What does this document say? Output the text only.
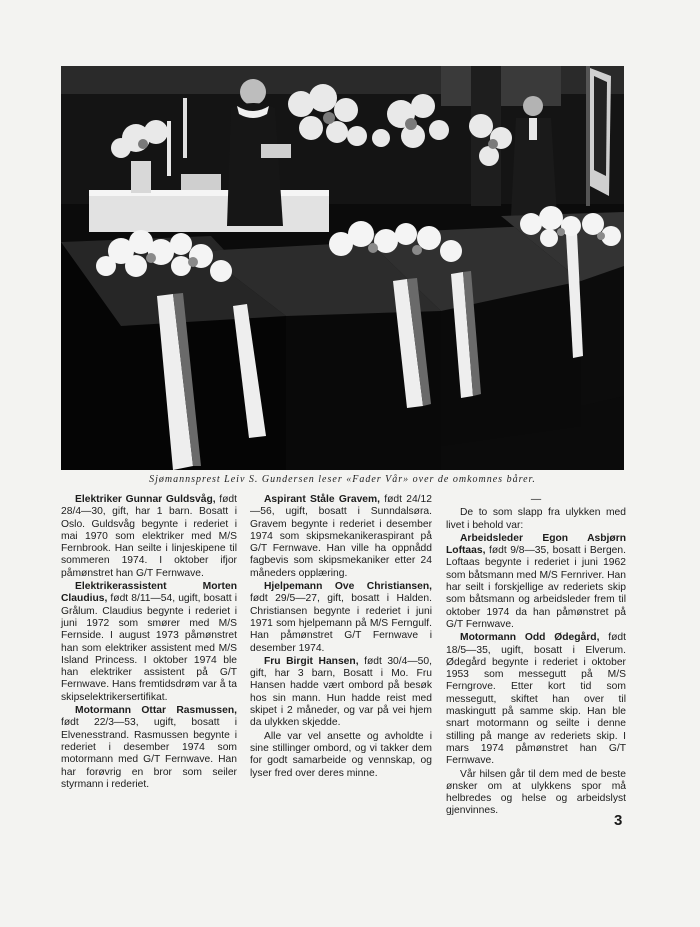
Sjømannsprest Leiv S. Gundersen leser «Fader Vår» over de omkomnes bårer.

Elektriker Gunnar Guldsvåg, født 28/4—30, gift, har 1 barn. Bosatt i Oslo. Guldsvåg begynte i rederiet i mai 1970 som elektriker med M/S Fernbrook. Han seilte i linjeskipene til sommeren 1974. I oktober ifjor påmønstret han G/T Fernwave.

Elektrikerassistent Morten Claudius, født 8/11—54, ugift, bosatt i Grålum. Claudius begynte i rederiet i juni 1972 som smører med M/S Fernside. I august 1973 påmønstret han som elektriker assistent med M/S Island Princess. I oktober 1974 ble han elektriker assistent på G/T Fernwave. Hans fremtidsdrøm var å ta skipselektrikersertifikat.

Motormann Ottar Rasmussen, født 22/3—53, ugift, bosatt i Elvenesstrand. Rasmussen begynte i rederiet i desember 1974 som motormann med G/T Fernwave. Han har forøvrig en bror som seiler styrmann i rederiet.

Aspirant Ståle Gravem, født 24/12—56, ugift, bosatt i Sunndalsøra. Gravem begynte i rederiet i desember 1974 som skipsmekanikeraspirant på G/T Fernwave. Han ville ha oppnådd fagbevis som skipsmekaniker etter 24 måneders opplæring.

Hjelpemann Ove Christiansen, født 29/5—27, gift, bosatt i Halden. Christiansen begynte i rederiet i juni 1971 som hjelpemann på M/S Ferngulf. Han påmønstret G/T Fernwave i desember 1974.

Fru Birgit Hansen, født 30/4—50, gift, har 3 barn, Bosatt i Mo. Fru Hansen hadde vært ombord på besøk hos sin mann. Hun hadde reist med skipet i 2 måneder, og var på vei hjem da ulykken skjedde.

Alle var vel ansette og avholdte i sine stillinger ombord, og vi takker dem for godt samarbeide og vennskap, og lyser fred over deres minne.

—

De to som slapp fra ulykken med livet i behold var:

Arbeidsleder Egon Asbjørn Loftaas, født 9/8—35, bosatt i Bergen. Loftaas begynte i rederiet i juni 1962 som båtsmann med M/S Fernriver. Han har seilt i forskjellige av rederiets skip som båtsmann og arbeidsleder frem til oktober 1974 da han påmønstret på G/T Fernwave.

Motormann Odd Ødegård, født 18/5—35, ugift, bosatt i Elverum. Ødegård begynte i rederiet i oktober 1953 som messegutt på M/S Ferngrove. Etter kort tid som messegutt, skiftet han over til maskingutt på samme skip. Han ble snart motormann og seilte i denne stilling på mange av rederiets skip. I mars 1974 påmønstret han G/T Fernwave.

Vår hilsen går til dem med de beste ønsker om at ulykkens spor må helbredes og helse og arbeidslyst gjenvinnes.

3
